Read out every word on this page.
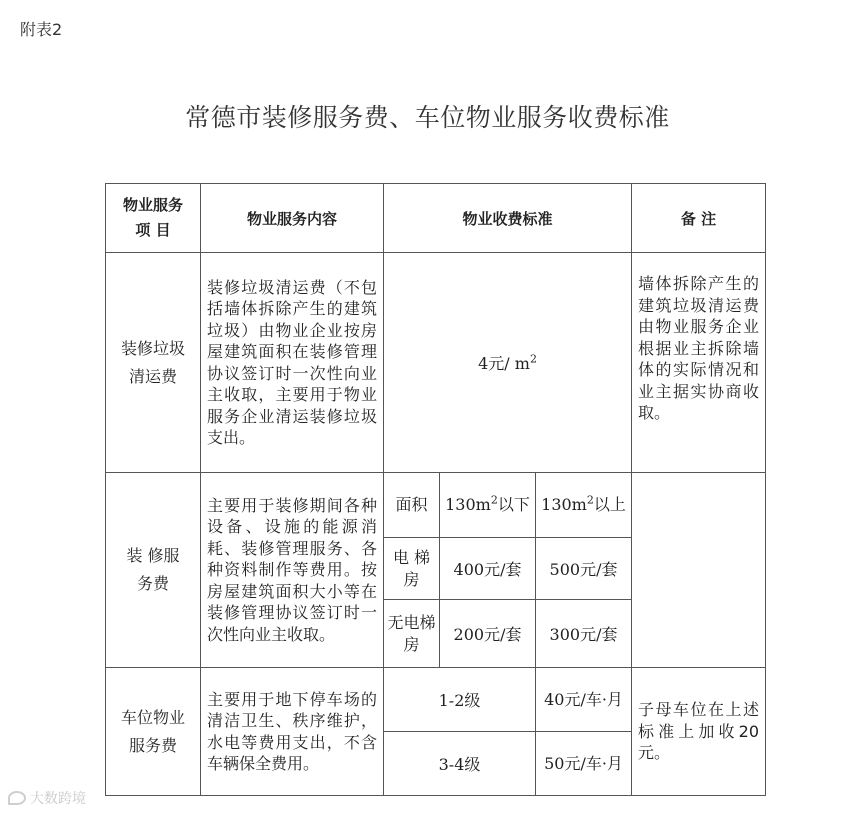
附表2
常德市装修服务费、车位物业服务收费标准
物业服务项 目	物业服务内容	物业收费标准			备 注
装修垃圾清运费	装修垃圾清运费（不包括墙体拆除产生的建筑垃圾）由物业企业按房屋建筑面积在装修管理协议签订时一次性向业主收取，主要用于物业服务企业清运装修垃圾支出。	4元/ $m^2$			墙体拆除产生的建筑垃圾清运费由物业服务企业根据业主拆除墙体的实际情况和业主据实协商收取。
装 修服务费	主要用于装修期间各种设备、设施的能源消耗、装修管理服务、各种资料制作等费用。按房屋建筑面积大小等在装修管理协议签订时一次性向业主收取。	面积	$130m^2$以下	$130m^2$以上	
		电 梯房	400元/套	500元/套	
		无电梯房	200元/套	300元/套	
车位物业服务费	主要用于地下停车场的清洁卫生、秩序维护，水电等费用支出，不含车辆保全费用。	1-2级		40元/车·月	子母车位在上述标准上加收20元。
		3-4级		50元/车·月	
大数跨境
